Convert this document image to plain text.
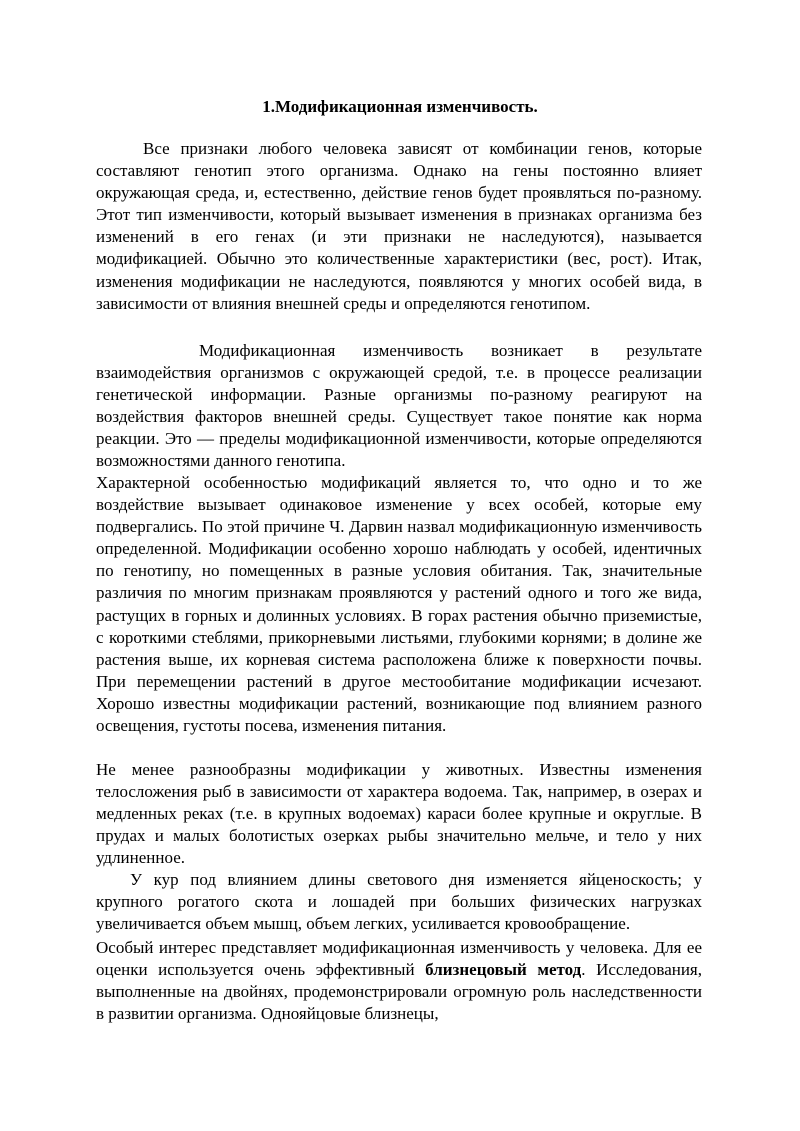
1.Модификационная изменчивость.

Все признаки любого человека зависят от комбинации генов, которые составляют генотип этого организма. Однако на гены постоянно влияет окружающая среда, и, естественно, действие генов будет проявляться по-разному. Этот тип изменчивости, который вызывает изменения в признаках организма без изменений в его генах (и эти признаки не наследуются), называется модификацией. Обычно это количественные характеристики (вес, рост). Итак, изменения модификации не наследуются, появляются у многих особей вида, в зависимости от влияния внешней среды и определяются генотипом.

Модификационная изменчивость возникает в результате взаимодействия организмов с окружающей средой, т.е. в процессе реализации генетической информации. Разные организмы по-разному реагируют на воздействия факторов внешней среды. Существует такое понятие как норма реакции. Это — пределы модификационной изменчивости, которые определяются возможностями данного генотипа.

Характерной особенностью модификаций является то, что одно и то же воздействие вызывает одинаковое изменение у всех особей, которые ему подвергались. По этой причине Ч. Дарвин назвал модификационную изменчивость определенной. Модификации особенно хорошо наблюдать у особей, идентичных по генотипу, но помещенных в разные условия обитания. Так, значительные различия по многим признакам проявляются у растений одного и того же вида, растущих в горных и долинных условиях. В горах растения обычно приземистые, с короткими стеблями, прикорневыми листьями, глубокими корнями; в долине же растения выше, их корневая система расположена ближе к поверхности почвы. При перемещении растений в другое местообитание модификации исчезают. Хорошо известны модификации растений, возникающие под влиянием разного освещения, густоты посева, изменения питания.

Не менее разнообразны модификации у животных. Известны изменения телосложения рыб в зависимости от характера водоема. Так, например, в озерах и медленных реках (т.е. в крупных водоемах) караси более крупные и округлые. В прудах и малых болотистых озерках рыбы значительно мельче, и тело у них удлиненное.

У кур под влиянием длины светового дня изменяется яйценоскость; у крупного рогатого скота и лошадей при больших физических нагрузках увеличивается объем мышц, объем легких, усиливается кровообращение.

Особый интерес представляет модификационная изменчивость у человека. Для ее оценки используется очень эффективный близнецовый метод. Исследования, выполненные на двойнях, продемонстрировали огромную роль наследственности в развитии организма. Однояйцовые близнецы,
